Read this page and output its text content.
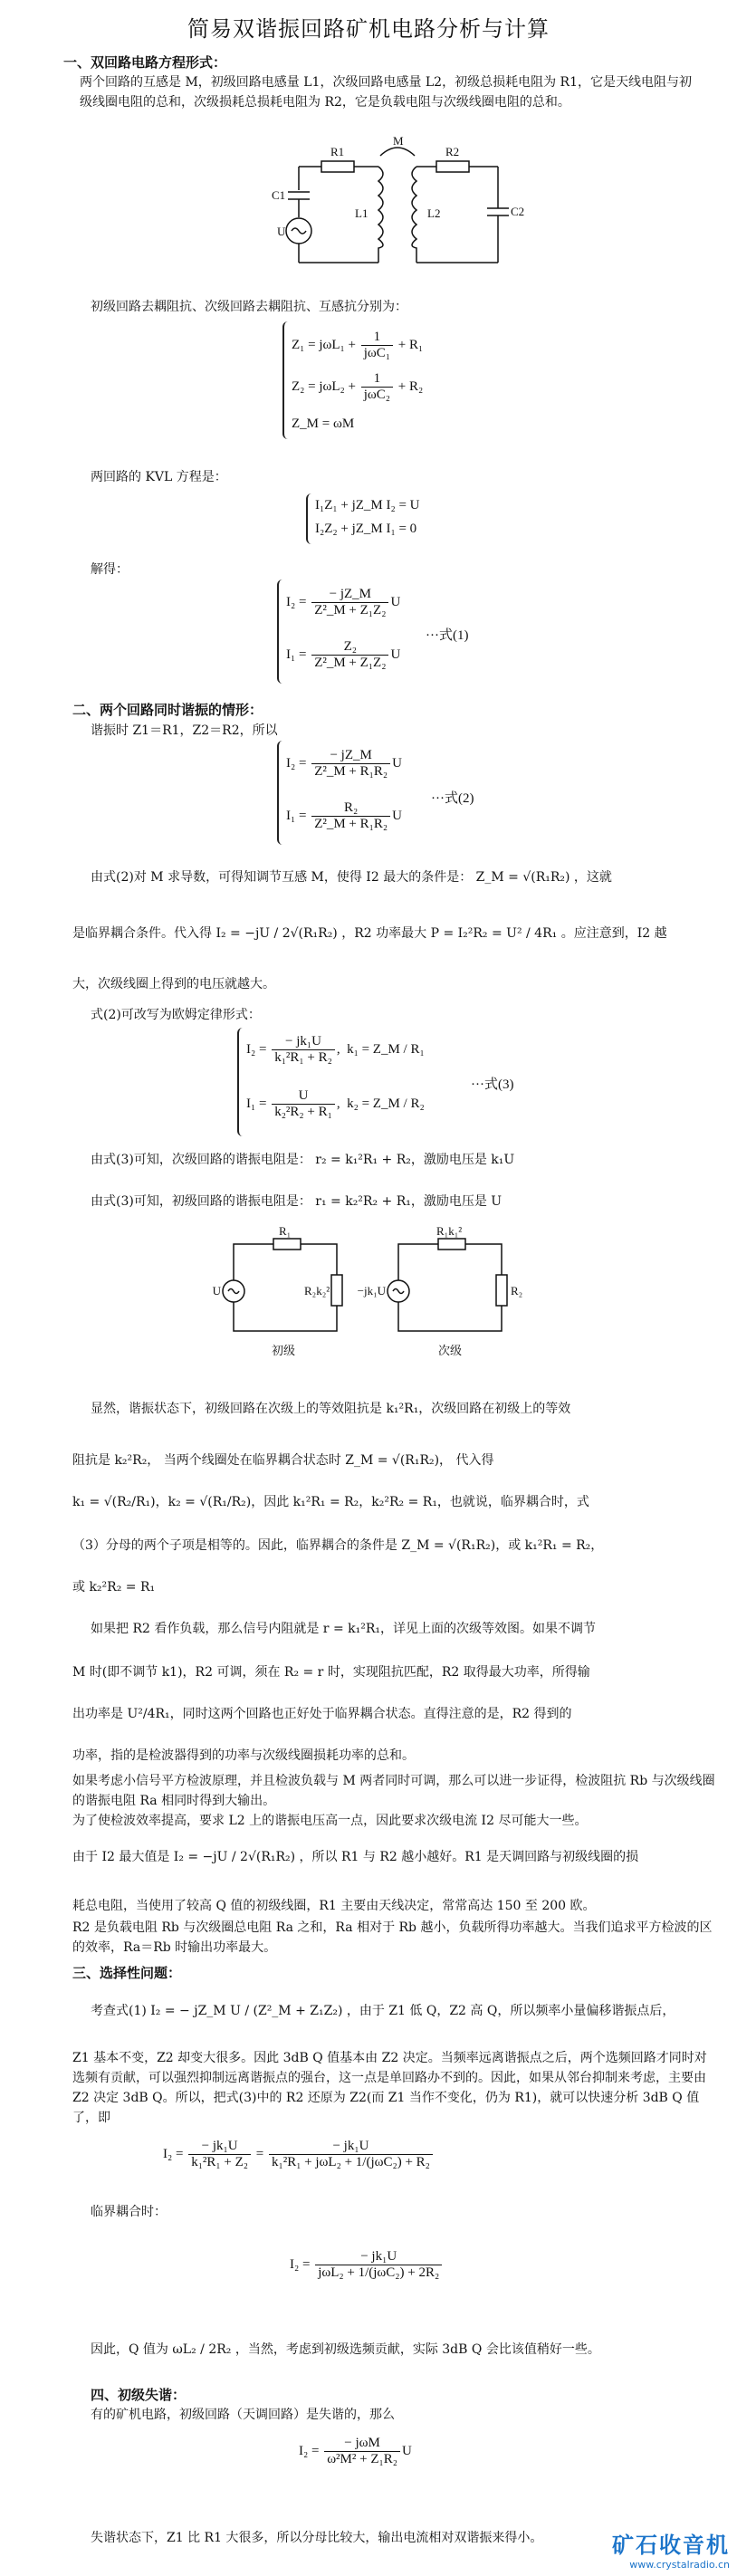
简易双谐振回路矿机电路分析与计算
一、双回路电路方程形式：
两个回路的互感是 M，初级回路电感量 L1，次级回路电感量 L2，初级总损耗电阻为 R1，它是天线电阻与初级线圈电阻的总和，次级损耗总损耗电阻为 R2，它是负载电阻与次级线圈电阻的总和。
R1
M
R2
C1
L1	L2	C2
U
初级回路去耦阻抗、次级回路去耦阻抗、互感抗分别为：
$Z_1 = j\omega L_1 + \frac{1}{\text{jωC₁}} + R_1$
$Z_2 = j\omega L_2 + \frac{1}{\text{jωC₂}} + R_2$
Z_M = ωM
两回路的 KVL 方程是：
I₁Z₁ + jZ_M I₂ = U
I₂Z₂ + jZ_M I₁ = 0
解得：
$I_2 = \frac{- jZ\_M}{\text{Z²\_M + Z₁Z₂}}$ U
$I_1 = \frac{\text{Z₂}}{\text{Z²\_M + Z₁Z₂}}$ U
···式(1)
二、两个回路同时谐振的情形：
谐振时 Z1＝R1，Z2＝R2，所以
$I_2 = \frac{- jZ\_M}{\text{Z²\_M + R₁R₂}}$ U
$I_1 = \frac{\text{R₂}}{\text{Z²\_M + R₁R₂}}$ U
···式(2)
由式(2)对 M 求导数，可得知调节互感 M，使得 I2 最大的条件是： Z_M = √(R₁R₂) ，这就
是临界耦合条件。代入得 I₂ = −jU / 2√(R₁R₂) ，R2 功率最大 P = I₂²R₂ = U² / 4R₁ 。应注意到，I2 越
大，次级线圈上得到的电压就越大。
式(2)可改写为欧姆定律形式：
$I_2 = \frac{\text{− jk₁U}}{\text{k₁²R₁ + R₂}}$ ,  k₁ = Z_M / R₁
$I_1 = \frac{U}{\text{k₂²R₂ + R₁}}$ ,  k₂ = Z_M / R₂
···式(3)
由式(3)可知，次级回路的谐振电阻是： r₂ = k₁²R₁ + R₂，激励电压是 k₁U
由式(3)可知，初级回路的谐振电阻是： r₁ = k₂²R₂ + R₁，激励电压是 U
R₁
U	R₂k₂²
初级
R₁k₁²
−jk₁U	R₂
次级
显然，谐振状态下，初级回路在次级上的等效阻抗是 k₁²R₁，次级回路在初级上的等效
阻抗是 k₂²R₂， 当两个线圈处在临界耦合状态时 Z_M = √(R₁R₂)， 代入得
k₁ = √(R₂/R₁)，k₂ = √(R₁/R₂)，因此 k₁²R₁ = R₂，k₂²R₂ = R₁，也就说，临界耦合时，式
（3）分母的两个子项是相等的。因此，临界耦合的条件是 Z_M = √(R₁R₂)，或 k₁²R₁ = R₂，
或 k₂²R₂ = R₁
如果把 R2 看作负载，那么信号内阻就是 r = k₁²R₁，详见上面的次级等效图。如果不调节
M 时(即不调节 k1)，R2 可调，须在 R₂ = r 时，实现阻抗匹配，R2 取得最大功率，所得输
出功率是 U²/4R₁，同时这两个回路也正好处于临界耦合状态。直得注意的是，R2 得到的
功率，指的是检波器得到的功率与次级线圈损耗功率的总和。
如果考虑小信号平方检波原理，并且检波负载与 M 两者同时可调，那么可以进一步证得，检波阻抗 Rb 与次级线圈的谐振电阻 Ra 相同时得到大输出。
为了使检波效率提高，要求 L2 上的谐振电压高一点，因此要求次级电流 I2 尽可能大一些。
由于 I2 最大值是 I₂ = −jU / 2√(R₁R₂) ，所以 R1 与 R2 越小越好。R1 是天调回路与初级线圈的损
耗总电阻，当使用了较高 Q 值的初级线圈，R1 主要由天线决定，常常高达 150 至 200 欧。
R2 是负载电阻 Rb 与次级圈总电阻 Ra 之和，Ra 相对于 Rb 越小，负载所得功率越大。当我们追求平方检波的区的效率，Ra＝Rb 时输出功率最大。
三、选择性问题：
考查式(1) I₂ = − jZ_M U / (Z²_M + Z₁Z₂) ，由于 Z1 低 Q，Z2 高 Q，所以频率小量偏移谐振点后，
Z1 基本不变，Z2 却变大很多。因此 3dB Q 值基本由 Z2 决定。当频率远离谐振点之后，两个选频回路才同时对选频有贡献，可以强烈抑制远离谐振点的强台，这一点是单回路办不到的。因此，如果从邻台抑制来考虑，主要由 Z2 决定 3dB Q。所以，把式(3)中的 R2 还原为 Z2(而 Z1 当作不变化，仍为 R1)，就可以快速分析 3dB Q 值了，即
$I_2 = \frac{\text{− jk₁U}}{\text{k₁²R₁ + Z₂}} = \frac{\text{− jk₁U}}{\text{k₁²R₁ + jωL₂ + 1/(jωC₂) + R₂}}$
临界耦合时：
$I_2 = \frac{\text{− jk₁U}}{\text{jωL₂ + 1/(jωC₂) + 2R₂}}$
因此，Q 值为 ωL₂ / 2R₂ ，当然，考虑到初级选频贡献，实际 3dB Q 会比该值稍好一些。
四、初级失谐：
有的矿机电路，初级回路（天调回路）是失谐的，那么
$I_2 = \frac{\text{− jωM}}{\text{ω²M² + Z₁R₂}}$ U
失谐状态下，Z1 比 R1 大很多，所以分母比较大，输出电流相对双谐振来得小。	矿石收音机
www.crystalradio.cn
